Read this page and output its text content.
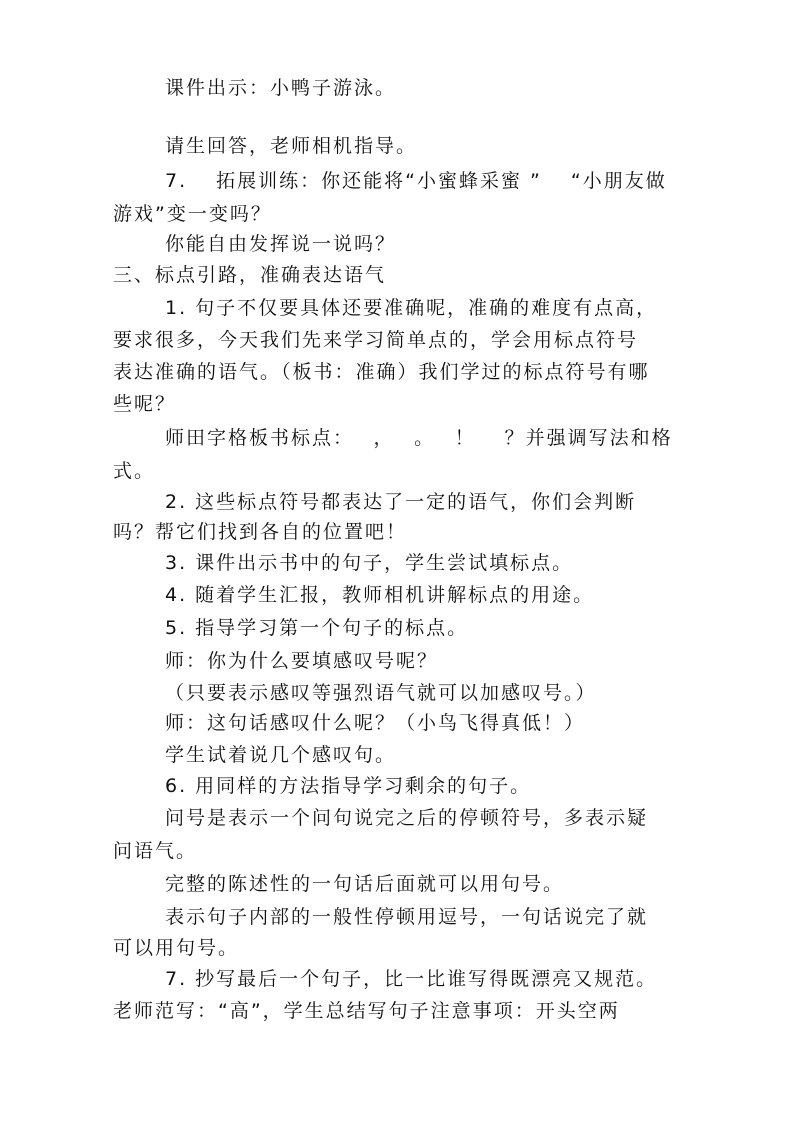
课件出示：小鸭子游泳。
请生回答，老师相机指导。
7.　 拓展训练：你还能将“小蜜蜂采蜜 ”　 “小朋友做
游戏”变一变吗？
你能自由发挥说一说吗？
三、标点引路，准确表达语气
1. 句子不仅要具体还要准确呢，准确的难度有点高，
要求很多，今天我们先来学习简单点的，学会用标点符号
表达准确的语气。（板书：准确）我们学过的标点符号有哪
些呢？
师田字格板书标点：　 ，　 。　 ！　 ？并强调写法和格
式。
2. 这些标点符号都表达了一定的语气，你们会判断
吗？帮它们找到各自的位置吧！
3. 课件出示书中的句子，学生尝试填标点。
4. 随着学生汇报，教师相机讲解标点的用途。
5. 指导学习第一个句子的标点。
师：你为什么要填感叹号呢？
（只要表示感叹等强烈语气就可以加感叹号。）
师：这句话感叹什么呢？（小鸟飞得真低！）
学生试着说几个感叹句。
6. 用同样的方法指导学习剩余的句子。
问号是表示一个问句说完之后的停顿符号，多表示疑
问语气。
完整的陈述性的一句话后面就可以用句号。
表示句子内部的一般性停顿用逗号，一句话说完了就
可以用句号。
7. 抄写最后一个句子，比一比谁写得既漂亮又规范。
老师范写：“高”，学生总结写句子注意事项：开头空两
